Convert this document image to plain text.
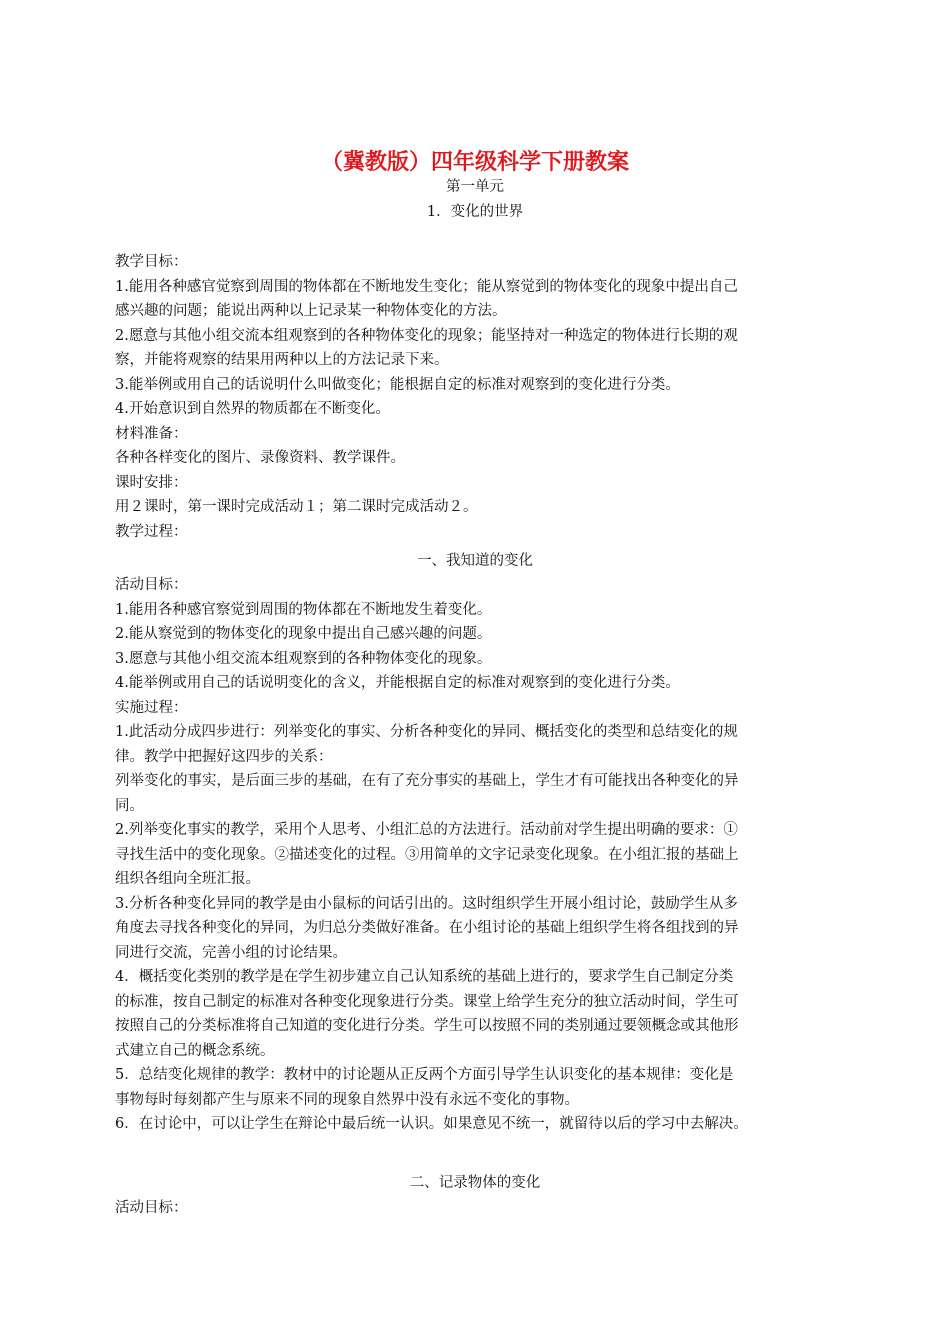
（冀教版）四年级科学下册教案
第一单元
1．变化的世界

教学目标：

1.能用各种感官觉察到周围的物体都在不断地发生变化；能从察觉到的物体变化的现象中提出自己

感兴趣的问题；能说出两种以上记录某一种物体变化的方法。

2.愿意与其他小组交流本组观察到的各种物体变化的现象；能坚持对一种选定的物体进行长期的观

察，并能将观察的结果用两种以上的方法记录下来。

3.能举例或用自己的话说明什么叫做变化；能根据自定的标准对观察到的变化进行分类。

4.开始意识到自然界的物质都在不断变化。

材料准备：

各种各样变化的图片、录像资料、教学课件。

课时安排：

用２课时，第一课时完成活动１；第二课时完成活动２。

教学过程：

一、我知道的变化

活动目标：

1.能用各种感官察觉到周围的物体都在不断地发生着变化。

2.能从察觉到的物体变化的现象中提出自己感兴趣的问题。

3.愿意与其他小组交流本组观察到的各种物体变化的现象。

4.能举例或用自己的话说明变化的含义，并能根据自定的标准对观察到的变化进行分类。

实施过程：

1.此活动分成四步进行：列举变化的事实、分析各种变化的异同、概括变化的类型和总结变化的规

律。教学中把握好这四步的关系：

列举变化的事实，是后面三步的基础，在有了充分事实的基础上，学生才有可能找出各种变化的异

同。

2.列举变化事实的教学，采用个人思考、小组汇总的方法进行。活动前对学生提出明确的要求：①

寻找生活中的变化现象。②描述变化的过程。③用简单的文字记录变化现象。在小组汇报的基础上

组织各组向全班汇报。

3.分析各种变化异同的教学是由小鼠标的问话引出的。这时组织学生开展小组讨论，鼓励学生从多

角度去寻找各种变化的异同，为归总分类做好准备。在小组讨论的基础上组织学生将各组找到的异

同进行交流，完善小组的讨论结果。

4．概括变化类别的教学是在学生初步建立自己认知系统的基础上进行的，要求学生自己制定分类

的标准，按自己制定的标准对各种变化现象进行分类。课堂上给学生充分的独立活动时间，学生可

按照自己的分类标准将自己知道的变化进行分类。学生可以按照不同的类别通过要领概念或其他形

式建立自己的概念系统。

5．总结变化规律的教学：教材中的讨论题从正反两个方面引导学生认识变化的基本规律：变化是

事物每时每刻都产生与原来不同的现象自然界中没有永远不变化的事物。

6．在讨论中，可以让学生在辩论中最后统一认识。如果意见不统一，就留待以后的学习中去解决。

二、记录物体的变化

活动目标：
